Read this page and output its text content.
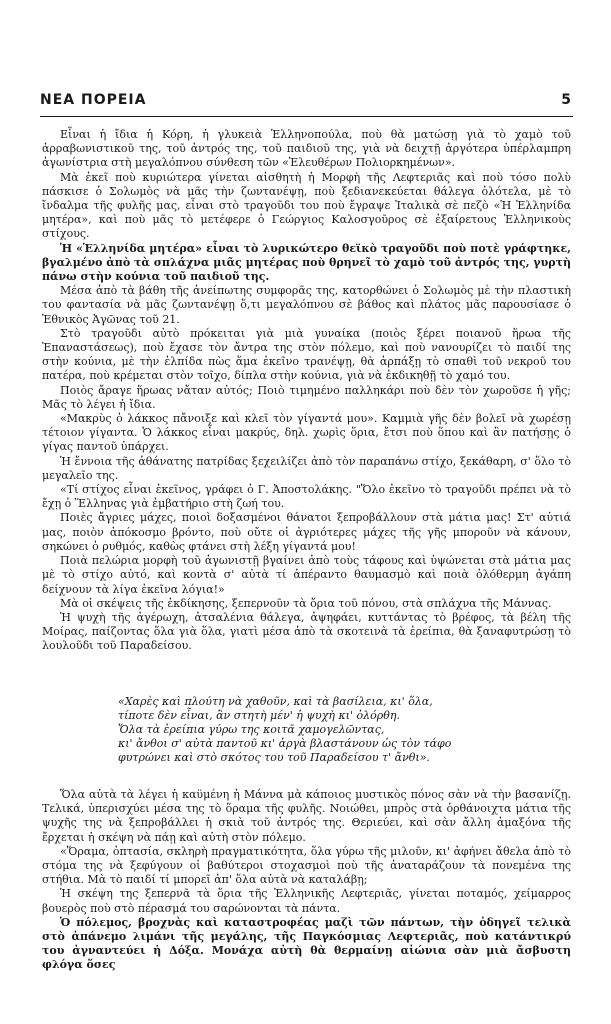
ΝΕΑ ΠΟΡΕΙΑ	5

Εἶναι ἡ ἴδια ἡ Κόρη, ἡ γλυκειὰ Ἑλληνοπούλα, ποὺ θὰ ματώσῃ γιὰ τὸ χαμὸ τοῦ ἀρραβωνιστικοῦ της, τοῦ ἀντρός της, τοῦ παιδιοῦ της, γιὰ νὰ δειχτῇ ἀργότερα ὑπέρλαμπρη ἀγωνίστρια στὴ μεγαλόπνου σύνθεση τῶν «Ἐλευθέρων Πολιορκημένων».

Μὰ ἐκεῖ ποὺ κυριώτερα γίνεται αἰσθητὴ ἡ Μορφὴ τῆς Λεφτεριᾶς καὶ ποὺ τόσο πολὺ πάσκισε ὁ Σολωμὸς νὰ μᾶς τὴν ζωντανέψῃ, ποὺ ξεδιανεκεύεται θάλεγα ὁλότελα, μὲ τὸ ἴνδαλμα τῆς φυλῆς μας, εἶναι στὸ τραγοῦδι του ποὺ ἔγραψε Ἰταλικὰ σὲ πεζὸ «Ἡ Ἑλληνίδα μητέρα», καὶ ποὺ μᾶς τὸ μετέφερε ὁ Γεώργιος Καλοσγοῦρος σὲ ἐξαίρετους Ἑλληνικοὺς στίχους.

Ἡ «Ἑλληνίδα μητέρα» εἶναι τὸ λυρικώτερο θεϊκὸ τραγοῦδι ποὺ ποτὲ γράφτηκε, βγαλμένο ἀπὸ τὰ σπλάχνα μιᾶς μητέρας ποὺ θρηνεῖ τὸ χαμὸ τοῦ ἀντρός της, γυρτὴ πάνω στὴν κούνια τοῦ παιδιοῦ της.

Μέσα ἀπὸ τὰ βάθη τῆς ἀνείπωτης συμφορᾶς της, κατορθώνει ὁ Σολωμὸς μὲ τὴν πλαστικὴ του φαντασία νὰ μᾶς ζωντανέψῃ ὅ,τι μεγαλόπνου σὲ βάθος καὶ πλάτος μᾶς παρουσίασε ὁ Ἐθνικὸς Ἀγῶνας τοῦ 21.

Στὸ τραγοῦδι αὐτὸ πρόκειται γιὰ μιὰ γυναίκα (ποιὸς ξέρει ποιανοῦ ἥρωα τῆς Ἐπαναστάσεως), ποὺ ἔχασε τὸν ἄντρα της στὸν πόλεμο, καὶ ποὺ νανουρίζει τὸ παιδί της στὴν κούνια, μὲ τὴν ἐλπίδα πὼς ἅμα ἐκεῖνο τρανέψῃ, θὰ ἁρπάξῃ τὸ σπαθὶ τοῦ νεκροῦ του πατέρα, ποὺ κρέμεται στὸν τοῖχο, δίπλα στὴν κούνια, γιὰ νὰ ἐκδικηθῇ τὸ χαμό του.

Ποιὸς ἄραγε ἥρωας νἄταν αὐτός; Ποιὸ τιμημένο παλληκάρι ποὺ δὲν τὸν χωροῦσε ἡ γῆς; Μᾶς τὸ λέγει ἡ ἴδια.

«Μακρὺς ὁ λάκκος πἄνοιξε καὶ κλεῖ τὸν γίγαντά μου». Καμμιὰ γῆς δὲν βολεῖ νὰ χωρέσῃ τέτοιον γίγαντα. Ὁ λάκκος εἶναι μακρύς, δηλ. χωρὶς ὅρια, ἔτσι ποὺ ὅπου καὶ ἂν πατήσῃς ὁ γίγας παντοῦ ὑπάρχει.

Ἡ ἔννοια τῆς ἀθάνατης πατρίδας ξεχειλίζει ἀπὸ τὸν παραπάνω στίχο, ξεκάθαρη, σ' ὅλο τὸ μεγαλεῖο της.

«Τί στίχος εἶναι ἐκεῖνος, γράφει ὁ Γ. Ἀποστολάκης. "Ὅλο ἐκεῖνο τὸ τραγοῦδι πρέπει νὰ τὸ ἔχῃ ὁ Ἕλληνας γιὰ ἐμβατήριο στὴ ζωή του.

Ποιὲς ἄγριες μάχες, ποιοὶ δοξασμένοι θάνατοι ξεπροβάλλουν στὰ μάτια μας! Στ' αὐτιά μας, ποιὸν ἀπόκοσμο βρόντο, ποὺ οὔτε οἱ ἀγριότερες μάχες τῆς γῆς μποροῦν νὰ κάνουν, σηκώνει ὁ ρυθμός, καθὼς φτάνει στὴ λέξη γίγαντά μου!

Ποιὰ πελώρια μορφὴ τοῦ ἀγωνιστῇ βγαίνει ἀπὸ τοὺς τάφους καὶ ὑψώνεται στὰ μάτια μας μὲ τὸ στίχο αὐτό, καὶ κοντὰ σ' αὐτὰ τί ἀπέραντο θαυμασμὸ καὶ ποιὰ ὁλόθερμη ἀγάπη δείχνουν τὰ λίγα ἐκεῖνα λόγια!»

Μὰ οἱ σκέψεις τῆς ἐκδίκησης, ξεπερνοῦν τὰ ὅρια τοῦ πόνου, στὰ σπλάχνα τῆς Μάννας.

Ἡ ψυχὴ τῆς ἀγέρωχη, ἀτσαλένια θάλεγα, ἀψηφάει, κυττάντας τὸ βρέφος, τὰ βέλη τῆς Μοίρας, παίζοντας ὅλα γιὰ ὅλα, γιατὶ μέσα ἀπὸ τὰ σκοτεινὰ τὰ ἐρείπια, θὰ ξαναφυτρώσῃ τὸ λουλοῦδι τοῦ Παραδείσου.

«Χαρὲς καὶ πλούτη νὰ χαθοῦν, καὶ τὰ βασίλεια, κι' ὅλα,

τίποτε δὲν εἶναι, ἂν στητὴ μέν' ἡ ψυχὴ κι' ὁλόρθη.

Ὅλα τὰ ἐρείπια γύρω της κοιτᾶ χαμογελῶντας,

κι' ἄνθοι σ' αὐτὰ παντοῦ κι' ἀργὰ βλαστάνουν ὡς τὸν τάφο

φυτρώνει καὶ στὸ σκότος του τοῦ Παραδείσου τ' ἄνθι».

Ὅλα αὐτὰ τὰ λέγει ἡ καϋμένη ἡ Μάννα μὰ κάποιος μυστικὸς πόνος σὰν νὰ τὴν βασανίζῃ. Τελικά, ὑπερισχύει μέσα της τὸ ὅραμα τῆς φυλῆς. Νοιώθει, μπρὸς στὰ ὁρθάνοιχτα μάτια τῆς ψυχῆς της νὰ ξεπροβάλλει ἡ σκιὰ τοῦ ἀντρός της. Θεριεύει, καὶ σὰν ἄλλη ἁμαξόνα τῆς ἔρχεται ἡ σκέψη νὰ πάῃ καὶ αὐτὴ στὸν πόλεμο.

«Ὅραμα, ὀπτασία, σκληρὴ πραγματικότητα, ὅλα γύρω τῆς μιλοῦν, κι' ἀφήνει ἄθελα ἀπὸ τὸ στόμα της νὰ ξεφύγουν οἱ βαθύτεροι στοχασμοὶ ποὺ τῆς ἀναταράζουν τὰ πονεμένα της στήθια. Μὰ τὸ παιδί τί μπορεῖ ἀπ' ὅλα αὐτὰ νὰ καταλάβῃ;

Ἡ σκέψη της ξεπερνᾶ τὰ ὅρια τῆς Ἑλληνικῆς Λεφτεριᾶς, γίνεται ποταμός, χείμαρρος βουερὸς ποὺ στὸ πέρασμά του σαρώνονται τὰ πάντα.

Ὁ πόλεμος, βροχνὰς καὶ καταστροφέας μαζὶ τῶν πάντων, τὴν ὁδηγεῖ τελικὰ στὸ ἀπάνεμο λιμάνι τῆς μεγάλης, τῆς Παγκόσμιας Λεφτεριᾶς, ποὺ κατάντικρύ του ἀγναντεύει ἡ Δόξα. Μονάχα αὐτὴ θὰ θερμαίνῃ αἰώνια σὰν μιὰ ἄσβυστη φλόγα ὅσες
